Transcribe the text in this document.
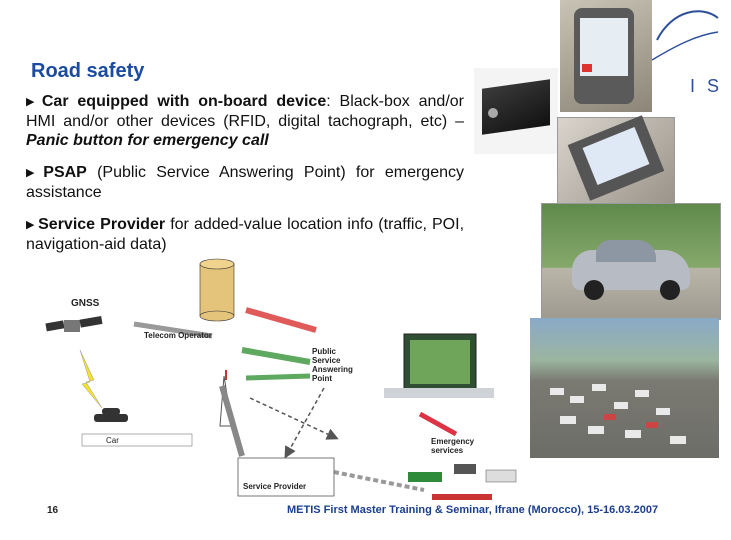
Road safety

▶ Car equipped with on-board device: Black-box and/or HMI and/or other devices (RFID, digital tachograph, etc) – Panic button for emergency call

▶ PSAP (Public Service Answering Point) for emergency assistance

▶ Service Provider for added-value location info (traffic, POI, navigation-aid data)

IS
GNSS
Telecom Operator
Public Service Answering Point
Car	Emergency services
Service Provider
16	METIS First Master Training & Seminar, Ifrane (Morocco), 15-16.03.2007
